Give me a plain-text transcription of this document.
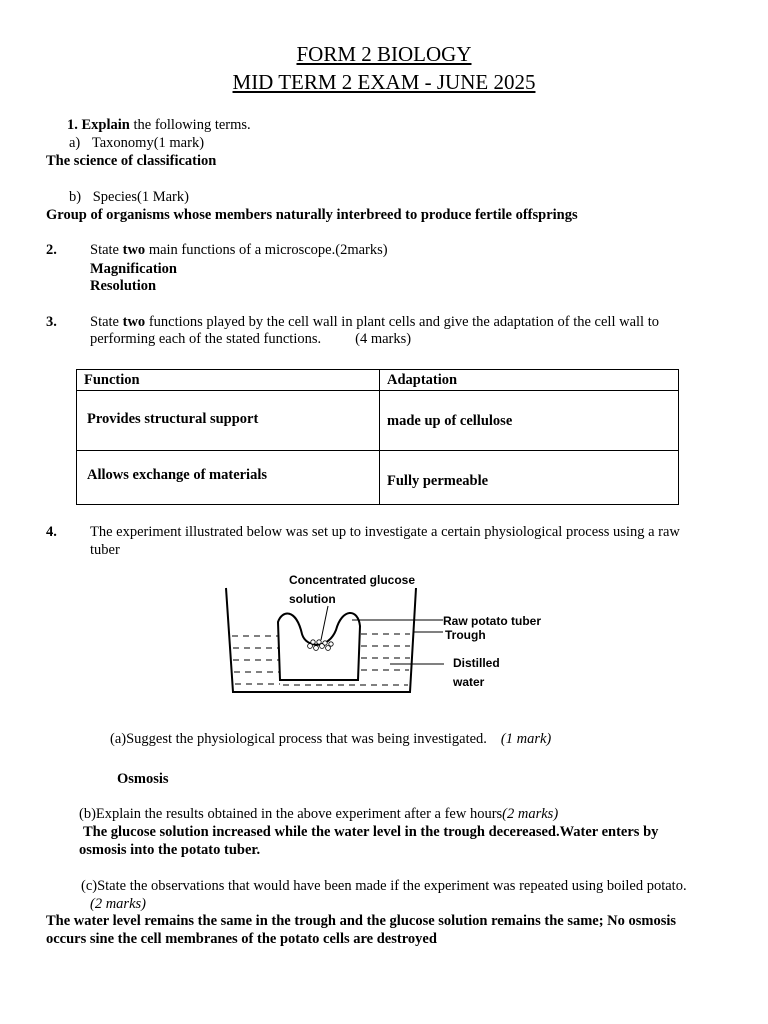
FORM 2 BIOLOGY
MID TERM 2 EXAM - JUNE 2025
1. Explain the following terms.
a) Taxonomy(1 mark)
The science of classification
b) Species(1 Mark)
Group of organisms whose members naturally interbreed to produce fertile offsprings
2. State two main functions of a microscope.(2marks)
Magnification
Resolution
3. State two functions played by the cell wall in plant cells and give the adaptation of the cell wall to
performing each of the stated functions. (4 marks)
Function	Adaptation
Provides structural support	made up of cellulose
Allows exchange of materials	Fully permeable
4. The experiment illustrated below was set up to investigate a certain physiological process using a raw
tuber
Concentrated glucose
solution
Raw potato tuber
Trough
Distilled
water
(a)Suggest the physiological process that was being investigated. (1 mark)
Osmosis
(b)Explain the results obtained in the above experiment after a few hours(2 marks)
The glucose solution increased while the water level in the trough decereased.Water enters by
osmosis into the potato tuber.
(c)State the observations that would have been made if the experiment was repeated using boiled potato.
(2 marks)
The water level remains the same in the trough and the glucose solution remains the same; No osmosis
occurs sine the cell membranes of the potato cells are destroyed
